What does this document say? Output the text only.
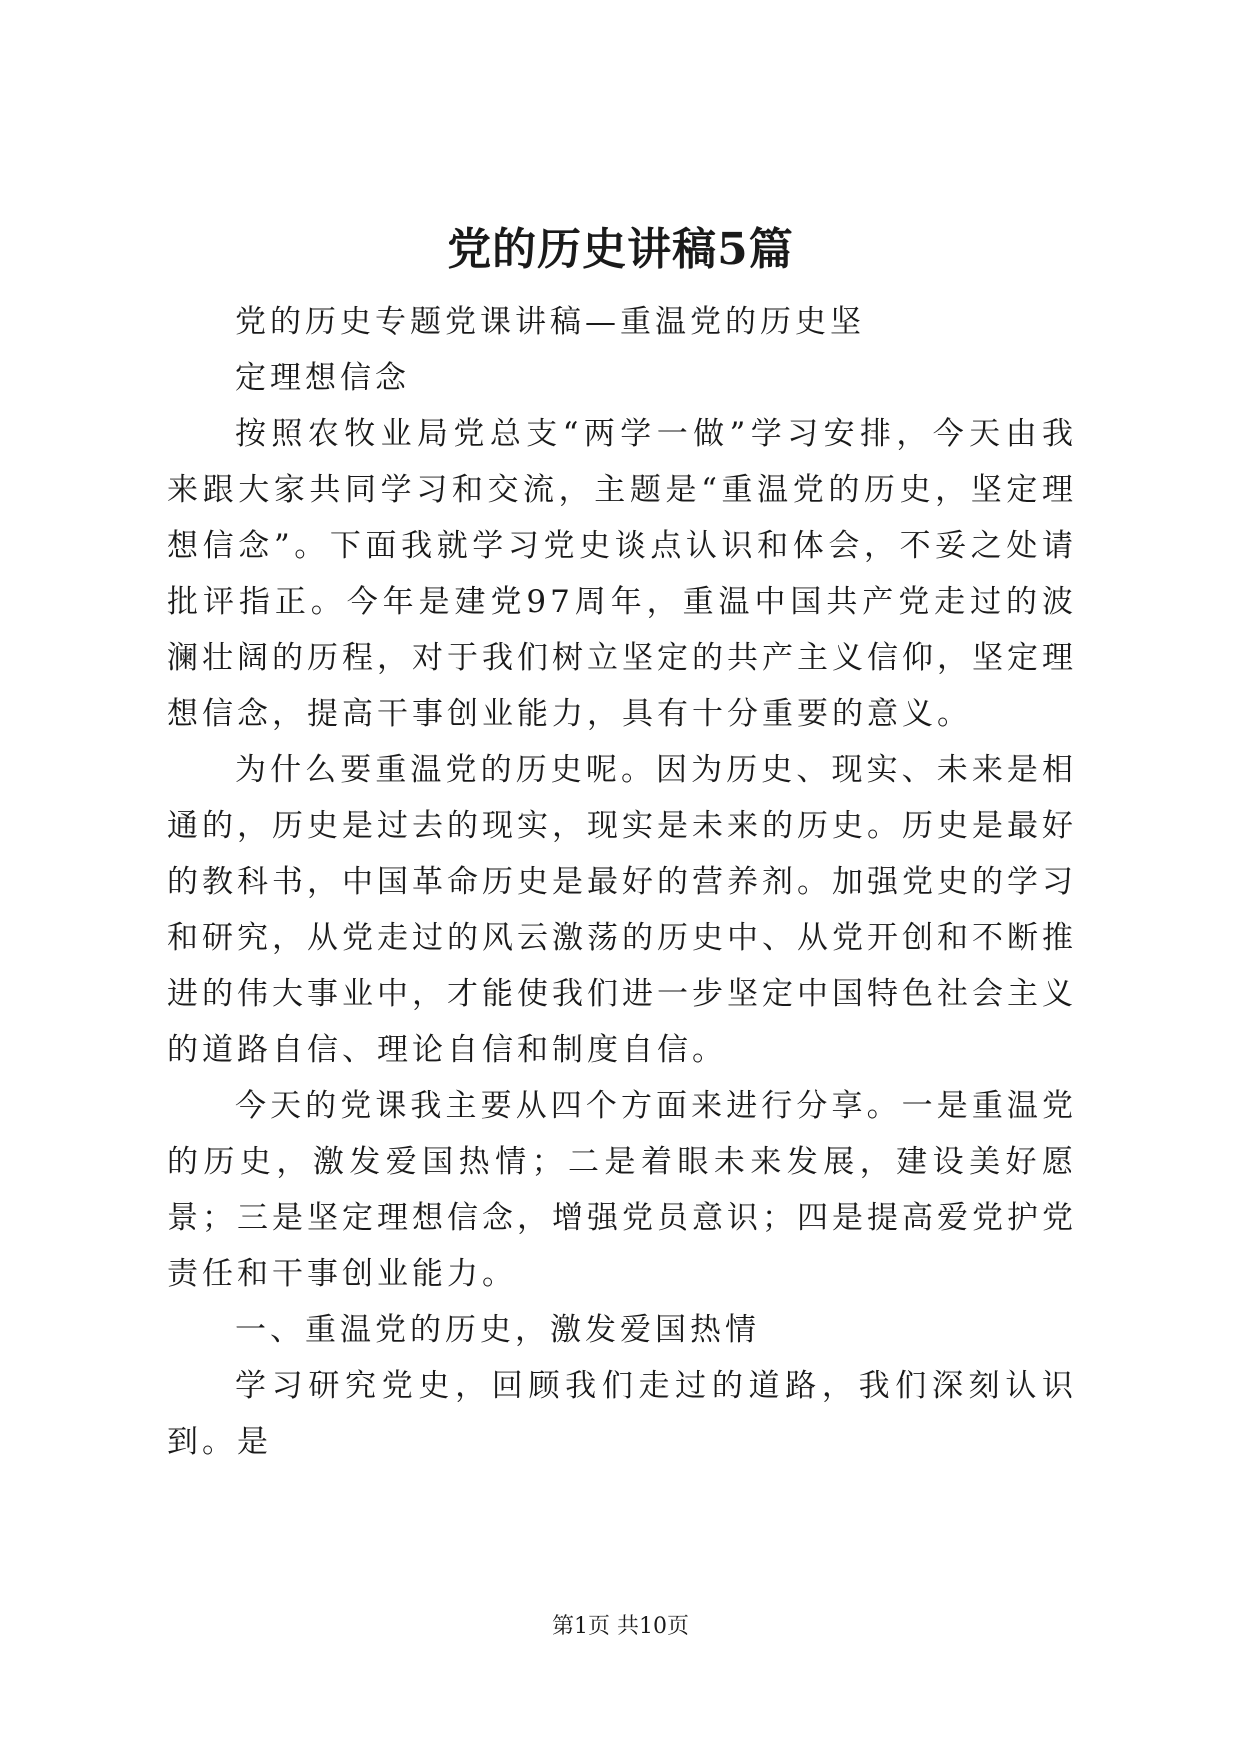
党的历史讲稿5篇

党的历史专题党课讲稿—重温党的历史坚

定理想信念

按照农牧业局党总支“两学一做”学习安排，今天由我来跟大家共同学习和交流，主题是“重温党的历史，坚定理想信念”。下面我就学习党史谈点认识和体会，不妥之处请批评指正。今年是建党97周年，重温中国共产党走过的波澜壮阔的历程，对于我们树立坚定的共产主义信仰，坚定理想信念，提高干事创业能力，具有十分重要的意义。

为什么要重温党的历史呢。因为历史、现实、未来是相通的，历史是过去的现实，现实是未来的历史。历史是最好的教科书，中国革命历史是最好的营养剂。加强党史的学习和研究，从党走过的风云激荡的历史中、从党开创和不断推进的伟大事业中，才能使我们进一步坚定中国特色社会主义的道路自信、理论自信和制度自信。

今天的党课我主要从四个方面来进行分享。一是重温党的历史，激发爱国热情；二是着眼未来发展，建设美好愿景；三是坚定理想信念，增强党员意识；四是提高爱党护党责任和干事创业能力。

一、重温党的历史，激发爱国热情

学习研究党史，回顾我们走过的道路，我们深刻认识到。是

第1页 共10页
